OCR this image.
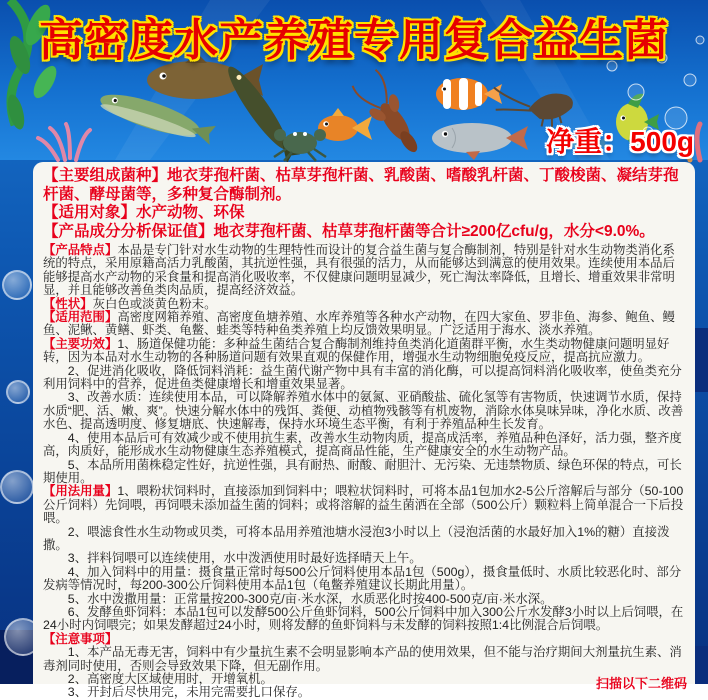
高密度水产养殖专用复合益生菌
净重：500g

【主要组成菌种】地衣芽孢杆菌、枯草芽孢杆菌、乳酸菌、嗜酸乳杆菌、丁酸梭菌、凝结芽孢杆菌、酵母菌等，多种复合酶制剂。

【适用对象】水产动物、环保

【产品成分分析保证值】地衣芽孢杆菌、枯草芽孢杆菌等合计≥200亿cfu/g，水分<9.0%。

【产品特点】本品是专门针对水生动物的生理特性而设计的复合益生菌与复合酶制剂，特别是针对水生动物类消化系统的特点，采用原籍高活力乳酸菌，其抗逆性强，具有很强的活力，从而能够达到满意的使用效果。连续使用本品后能够提高水产动物的采食量和提高消化吸收率，不仅健康问题明显减少，死亡淘汰率降低，且增长、增重效果非常明显，并且能够改善鱼类肉品质，提高经济效益。

【性状】灰白色或淡黄色粉末。

【适用范围】高密度网箱养殖、高密度鱼塘养殖、水库养殖等各种水产动物，在四大家鱼、罗非鱼、海参、鲍鱼、鳗鱼、泥鳅、黄鳝、虾类、龟鳖、蛙类等特种鱼类养殖上均反馈效果明显。广泛适用于海水、淡水养殖。

【主要功效】1、肠道保健功能：多种益生菌结合复合酶制剂维持鱼类消化道菌群平衡，水生类动物健康问题明显好转，因为本品对水生动物的各种肠道问题有效果直观的保健作用，增强水生动物细胞免疫反应，提高抗应激力。

2、促进消化吸收，降低饲料消耗：益生菌代谢产物中具有丰富的消化酶，可以提高饲料消化吸收率，使鱼类充分利用饲料中的营养，促进鱼类健康增长和增重效果显著。

3、改善水质：连续使用本品，可以降解养殖水体中的氨氮、亚硝酸盐、硫化氢等有害物质，快速调节水质，保持水质“肥、活、嫩、爽”。快速分解水体中的残饵、粪便、动植物残骸等有机废物，消除水体臭味异味，净化水质、改善水色、提高透明度、修复塘底、快速解毒，保持水环境生态平衡，有利于养殖品种生长发育。

4、使用本品后可有效减少或不使用抗生素，改善水生动物肉质，提高成活率，养殖品种色泽好，活力强，整齐度高，肉质好，能形成水生动物健康生态养殖模式，提高商品性能，生产健康安全的水生动物产品。

5、本品所用菌株稳定性好，抗逆性强，具有耐热、耐酸、耐胆汁、无污染、无违禁物质、绿色环保的特点，可长期使用。

【用法用量】1、喂粉状饲料时，直接添加到饲料中；喂粒状饲料时，可将本品1包加水2-5公斤溶解后与部分（50-100公斤饲料）先饲喂，再饲喂未添加益生菌的饲料；或将溶解的益生菌洒在全部（500公斤）颗粒料上简单混合一下后投喂。

2、喂滤食性水生动物或贝类，可将本品用养殖池塘水浸泡3小时以上（浸泡活菌的水最好加入1%的糖）直接泼撒。

3、拌料饲喂可以连续使用，水中泼洒使用时最好选择晴天上午。

4、加入饲料中的用量：摄食量正常时每500公斤饲料使用本品1包（500g），摄食量低时、水质比较恶化时、部分发病等情况时，每200-300公斤饲料使用本品1包（龟鳖养殖建议长期此用量）。

5、水中泼撒用量：正常量按200-300克/亩·米水深，水质恶化时按400-500克/亩·米水深。

6、发酵鱼虾饲料：本品1包可以发酵500公斤鱼虾饲料，500公斤饲料中加入300公斤水发酵3小时以上后饲喂，在24小时内饲喂完；如果发酵超过24小时，则将发酵的鱼虾饲料与未发酵的饲料按照1:4比例混合后饲喂。

【注意事项】

1、本产品无毒无害，饲料中有少量抗生素不会明显影响本产品的使用效果，但不能与治疗期间大剂量抗生素、消毒剂同时使用，否则会导致效果下降，但无副作用。

2、高密度大区域使用时，开增氧机。

3、开封后尽快用完，未用完需要扎口保存。

扫描以下二维码
